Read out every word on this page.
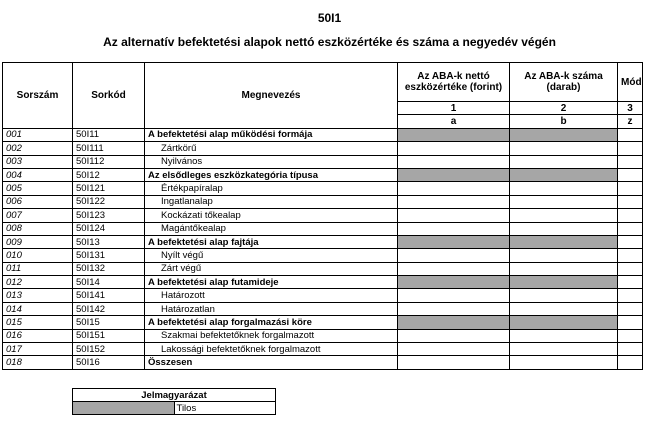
50I1
Az alternatív befektetési alapok nettó eszközértéke és száma a negyedév végén
Sorszám	Sorkód	Megnevezés	Az ABA-k nettó eszközértéke (forint)	Az ABA-k száma (darab)	Mód
			1	2	3
			a	b	z
001	50I11	A befektetési alap működési formája			
002	50I111	Zártkörű			
003	50I112	Nyilvános			
004	50I12	Az elsődleges eszközkategória típusa			
005	50I121	Értékpapíralap			
006	50I122	Ingatlanalap			
007	50I123	Kockázati tőkealap			
008	50I124	Magántőkealap			
009	50I13	A befektetési alap fajtája			
010	50I131	Nyílt végű			
011	50I132	Zárt végű			
012	50I14	A befektetési alap futamideje			
013	50I141	Határozott			
014	50I142	Határozatlan			
015	50I15	A befektetési alap forgalmazási köre			
016	50I151	Szakmai befektetőknek forgalmazott			
017	50I152	Lakossági befektetőknek forgalmazott			
018	50I16	Összesen			
Jelmagyarázat
	Tilos
